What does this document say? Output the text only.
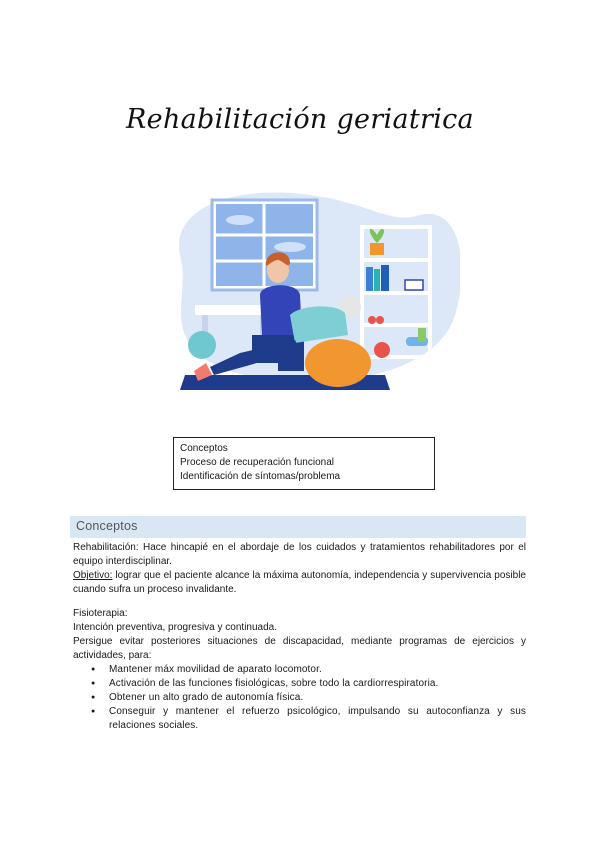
Rehabilitación geriatrica
Conceptos
Proceso de recuperación funcional
Identificación de síntomas/problema
Conceptos
Rehabilitación: Hace hincapié en el abordaje de los cuidados y tratamientos rehabilitadores por el equipo interdisciplinar.
Objetivo: lograr que el paciente alcance la máxima autonomía, independencia y supervivencia posible cuando sufra un proceso invalidante.
Fisioterapia:
Intención preventiva, progresiva y continuada.
Persigue evitar posteriores situaciones de discapacidad, mediante programas de ejercicios y actividades, para:
● Mantener máx movilidad de aparato locomotor.
● Activación de las funciones fisiológicas, sobre todo la cardiorrespiratoria.
● Obtener un alto grado de autonomía física.
● Conseguir y mantener el refuerzo psicológico, impulsando su autoconfianza y sus relaciones sociales.
